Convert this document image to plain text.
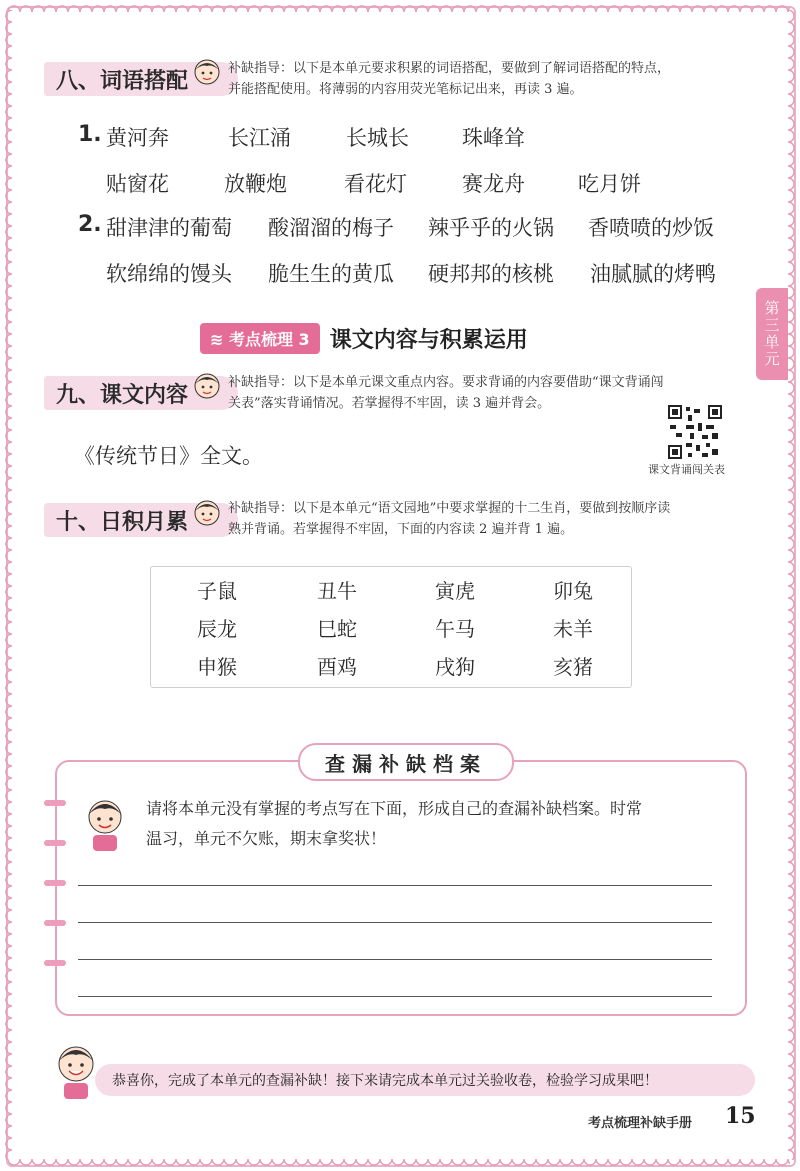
第三单元
八、词语搭配	补缺指导：以下是本单元要求积累的词语搭配，要做到了解词语搭配的特点，
并能搭配使用。将薄弱的内容用荧光笔标记出来，再读 3 遍。
1. 黄河奔	长江涌	长城长	珠峰耸
贴窗花	放鞭炮	看花灯	赛龙舟	吃月饼
2. 甜津津的葡萄 酸溜溜的梅子 辣乎乎的火锅 香喷喷的炒饭
软绵绵的馒头 脆生生的黄瓜 硬邦邦的核桃 油腻腻的烤鸭
≋ 考点梳理 3 课文内容与积累运用
九、课文内容	补缺指导：以下是本单元课文重点内容。要求背诵的内容要借助“课文背诵闯
关表”落实背诵情况。若掌握得不牢固，读 3 遍并背会。
《传统节日》全文。
课文背诵闯关表
十、日积月累
补缺指导：以下是本单元“语文园地”中要求掌握的十二生肖，要做到按顺序读
熟并背诵。若掌握得不牢固，下面的内容读 2 遍并背 1 遍。
子鼠	丑牛	寅虎	卯兔
辰龙	巳蛇	午马	未羊
申猴	酉鸡	戌狗	亥猪
查漏补缺档案
请将本单元没有掌握的考点写在下面，形成自己的查漏补缺档案。时常
温习，单元不欠账，期末拿奖状！
恭喜你，完成了本单元的查漏补缺！接下来请完成本单元过关验收卷，检验学习成果吧！
考点梳理补缺手册 15
